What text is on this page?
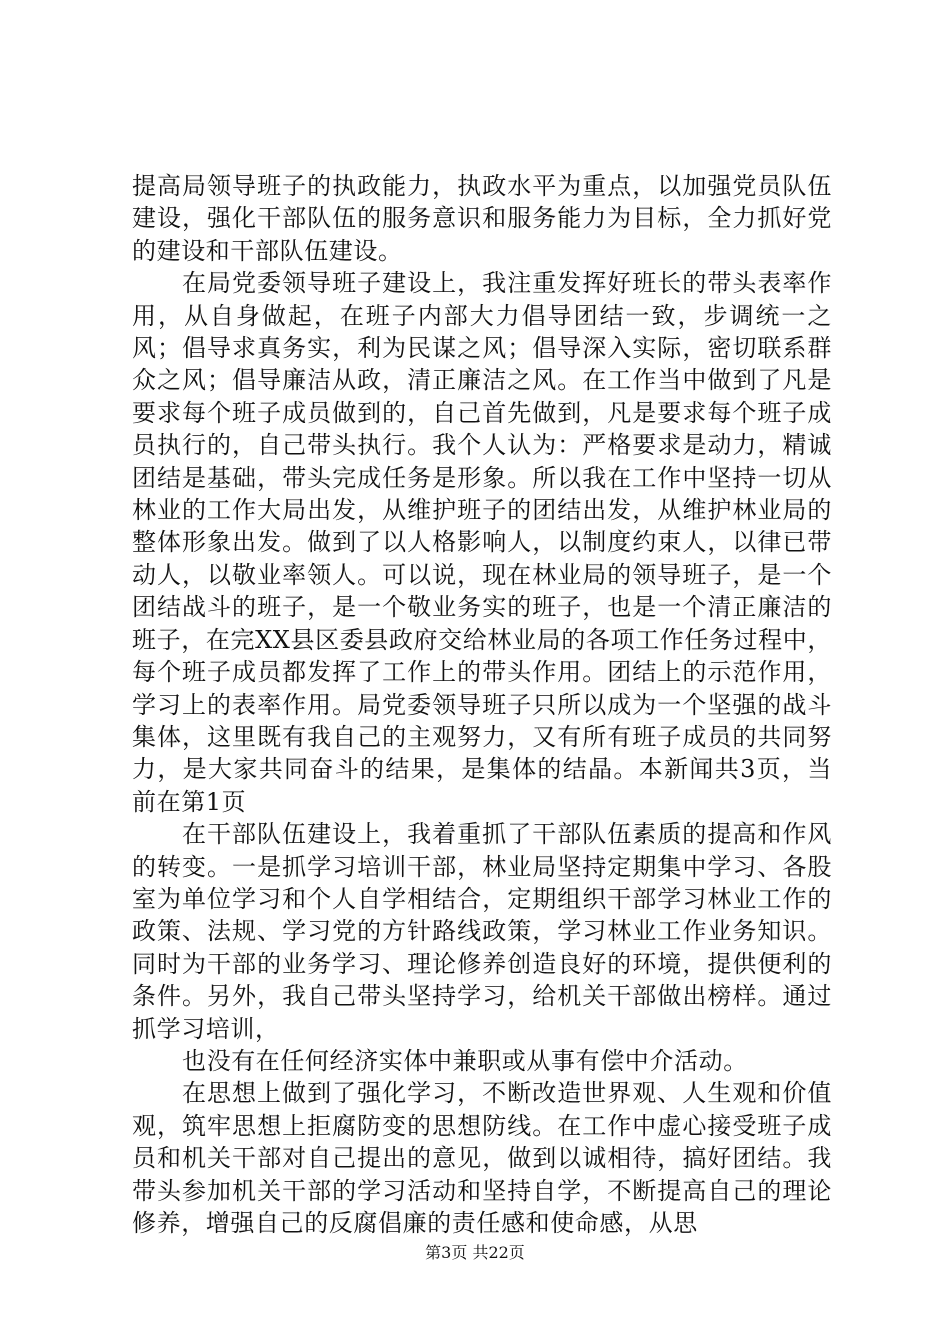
提高局领导班子的执政能力，执政水平为重点，以加强党员队伍建设，强化干部队伍的服务意识和服务能力为目标，全力抓好党的建设和干部队伍建设。

在局党委领导班子建设上，我注重发挥好班长的带头表率作用，从自身做起，在班子内部大力倡导团结一致，步调统一之风；倡导求真务实，利为民谋之风；倡导深入实际，密切联系群众之风；倡导廉洁从政，清正廉洁之风。在工作当中做到了凡是要求每个班子成员做到的，自己首先做到，凡是要求每个班子成员执行的，自己带头执行。我个人认为：严格要求是动力，精诚团结是基础，带头完成任务是形象。所以我在工作中坚持一切从林业的工作大局出发，从维护班子的团结出发，从维护林业局的整体形象出发。做到了以人格影响人，以制度约束人，以律已带动人，以敬业率领人。可以说，现在林业局的领导班子，是一个团结战斗的班子，是一个敬业务实的班子，也是一个清正廉洁的班子，在完XX县区委县政府交给林业局的各项工作任务过程中，每个班子成员都发挥了工作上的带头作用。团结上的示范作用，学习上的表率作用。局党委领导班子只所以成为一个坚强的战斗集体，这里既有我自己的主观努力，又有所有班子成员的共同努力，是大家共同奋斗的结果，是集体的结晶。本新闻共3页，当前在第1页

在干部队伍建设上，我着重抓了干部队伍素质的提高和作风的转变。一是抓学习培训干部，林业局坚持定期集中学习、各股室为单位学习和个人自学相结合，定期组织干部学习林业工作的政策、法规、学习党的方针路线政策，学习林业工作业务知识。同时为干部的业务学习、理论修养创造良好的环境，提供便利的条件。另外，我自己带头坚持学习，给机关干部做出榜样。通过抓学习培训，

也没有在任何经济实体中兼职或从事有偿中介活动。

在思想上做到了强化学习，不断改造世界观、人生观和价值观，筑牢思想上拒腐防变的思想防线。在工作中虚心接受班子成员和机关干部对自己提出的意见，做到以诚相待，搞好团结。我带头参加机关干部的学习活动和坚持自学，不断提高自己的理论修养，增强自己的反腐倡廉的责任感和使命感，从思

第3页 共22页
